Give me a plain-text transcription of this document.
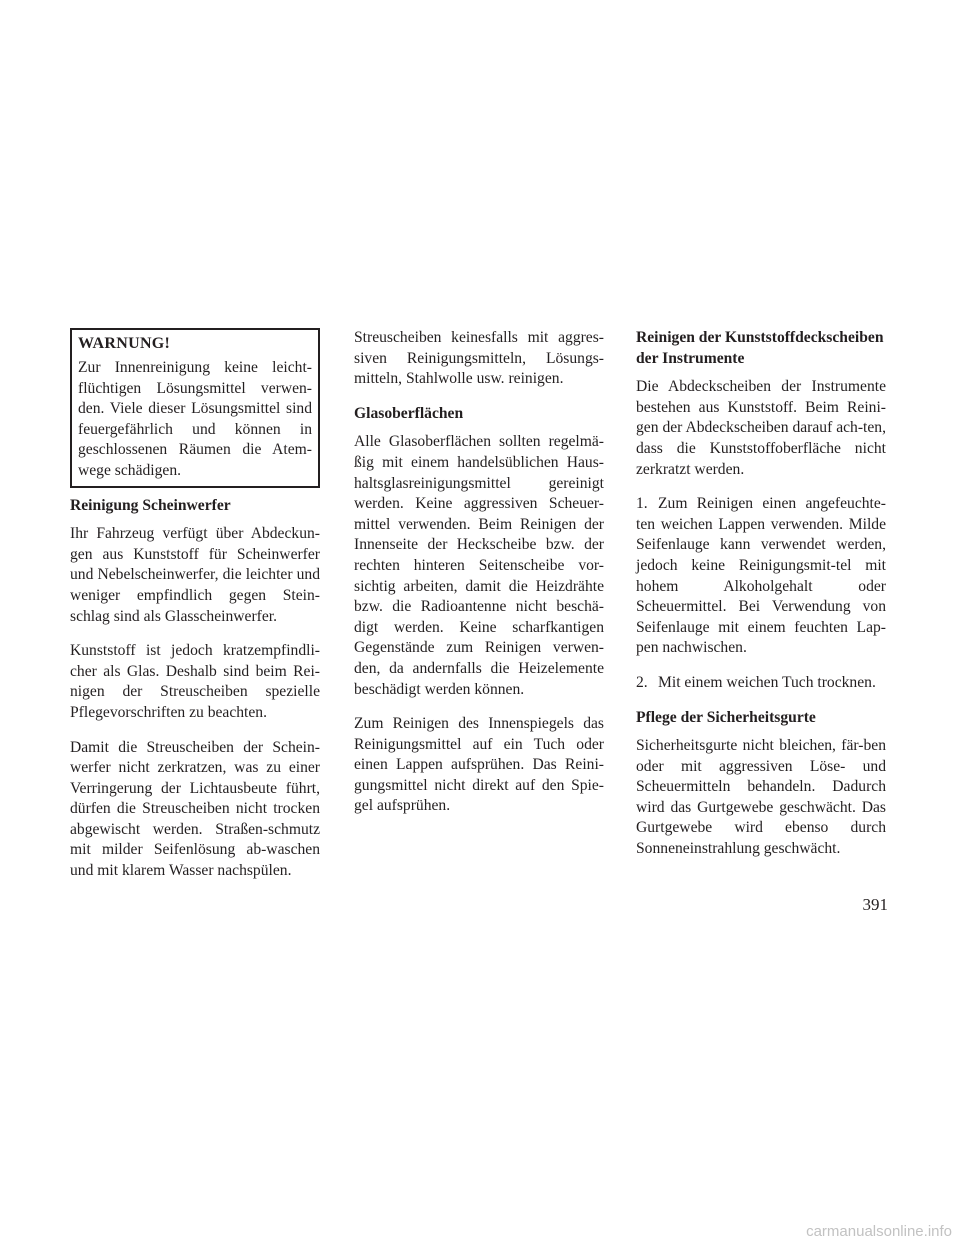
WARNUNG!

Zur Innenreinigung keine leicht-flüchtigen Lösungsmittel verwen-den. Viele dieser Lösungsmittel sind feuergefährlich und können in geschlossenen Räumen die Atem-wege schädigen.

Reinigung Scheinwerfer

Ihr Fahrzeug verfügt über Abdeckun-gen aus Kunststoff für Scheinwerfer und Nebelscheinwerfer, die leichter und weniger empfindlich gegen Stein-schlag sind als Glasscheinwerfer.

Kunststoff ist jedoch kratzempfindli-cher als Glas. Deshalb sind beim Rei-nigen der Streuscheiben spezielle Pflegevorschriften zu beachten.

Damit die Streuscheiben der Schein-werfer nicht zerkratzen, was zu einer Verringerung der Lichtausbeute führt, dürfen die Streuscheiben nicht trocken abgewischt werden. Straßen-schmutz mit milder Seifenlösung ab-waschen und mit klarem Wasser nachspülen.

Streuscheiben keinesfalls mit aggres-siven Reinigungsmitteln, Lösungs-mitteln, Stahlwolle usw. reinigen.

Glasoberflächen

Alle Glasoberflächen sollten regelmä-ßig mit einem handelsüblichen Haus-haltsglasreinigungsmittel gereinigt werden. Keine aggressiven Scheuer-mittel verwenden. Beim Reinigen der Innenseite der Heckscheibe bzw. der rechten hinteren Seitenscheibe vor-sichtig arbeiten, damit die Heizdrähte bzw. die Radioantenne nicht beschä-digt werden. Keine scharfkantigen Gegenstände zum Reinigen verwen-den, da andernfalls die Heizelemente beschädigt werden können.

Zum Reinigen des Innenspiegels das Reinigungsmittel auf ein Tuch oder einen Lappen aufsprühen. Das Reini-gungsmittel nicht direkt auf den Spie-gel aufsprühen.

Reinigen der Kunststoffdeckscheiben der Instrumente

Die Abdeckscheiben der Instrumente bestehen aus Kunststoff. Beim Reini-gen der Abdeckscheiben darauf ach-ten, dass die Kunststoffoberfläche nicht zerkratzt werden.

1. Zum Reinigen einen angefeuchte-ten weichen Lappen verwenden. Milde Seifenlauge kann verwendet werden, jedoch keine Reinigungsmit-tel mit hohem Alkoholgehalt oder Scheuermittel. Bei Verwendung von Seifenlauge mit einem feuchten Lap-pen nachwischen.

2. Mit einem weichen Tuch trocknen.

Pflege der Sicherheitsgurte

Sicherheitsgurte nicht bleichen, fär-ben oder mit aggressiven Löse- und Scheuermitteln behandeln. Dadurch wird das Gurtgewebe geschwächt. Das Gurtgewebe wird ebenso durch Sonneneinstrahlung geschwächt.

391
carmanualsonline.info
